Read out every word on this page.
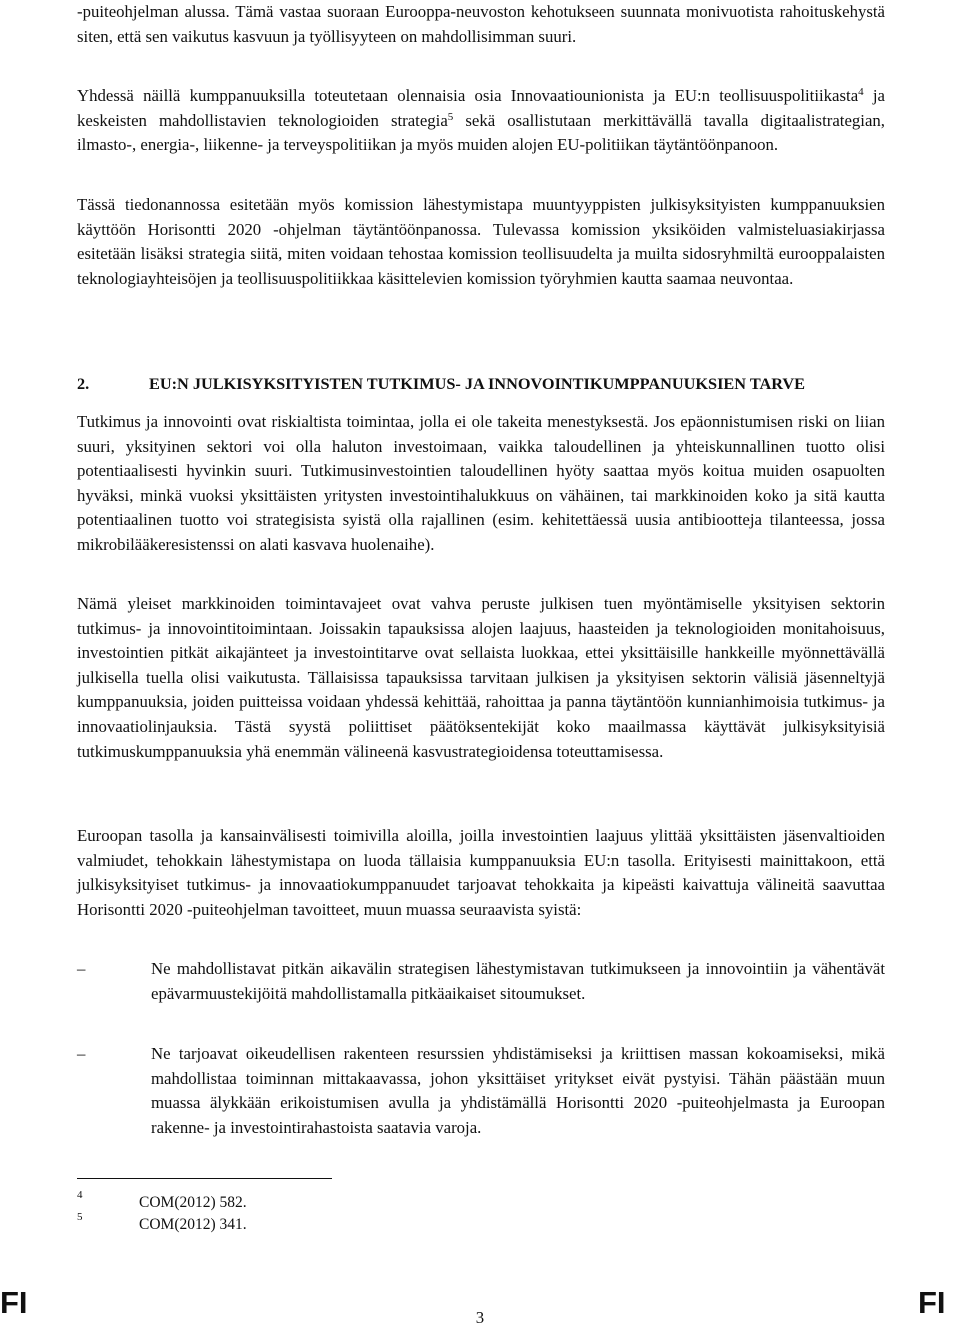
-puiteohjelman alussa. Tämä vastaa suoraan Eurooppa-neuvoston kehotukseen suunnata monivuotista rahoituskehystä siten, että sen vaikutus kasvuun ja työllisyyteen on mahdollisimman suuri.

Yhdessä näillä kumppanuuksilla toteutetaan olennaisia osia Innovaatiounionista ja EU:n teollisuuspolitiikasta$^4$ ja keskeisten mahdollistavien teknologioiden strategia$^5$ sekä osallistutaan merkittävällä tavalla digitaalistrategian, ilmasto-, energia-, liikenne- ja terveyspolitiikan ja myös muiden alojen EU-politiikan täytäntöönpanoon.

Tässä tiedonannossa esitetään myös komission lähestymistapa muuntyyppisten julkisyksityisten kumppanuuksien käyttöön Horisontti 2020 -ohjelman täytäntöönpanossa. Tulevassa komission yksiköiden valmisteluasiakirjassa esitetään lisäksi strategia siitä, miten voidaan tehostaa komission teollisuudelta ja muilta sidosryhmiltä eurooppalaisten teknologiayhteisöjen ja teollisuuspolitiikkaa käsittelevien komission työryhmien kautta saamaa neuvontaa.

2.	EU:N JULKISYKSITYISTEN TUTKIMUS- JA INNOVOINTIKUMPPANUUKSIEN TARVE

Tutkimus ja innovointi ovat riskialtista toimintaa, jolla ei ole takeita menestyksestä. Jos epäonnistumisen riski on liian suuri, yksityinen sektori voi olla haluton investoimaan, vaikka taloudellinen ja yhteiskunnallinen tuotto olisi potentiaalisesti hyvinkin suuri. Tutkimusinvestointien taloudellinen hyöty saattaa myös koitua muiden osapuolten hyväksi, minkä vuoksi yksittäisten yritysten investointihalukkuus on vähäinen, tai markkinoiden koko ja sitä kautta potentiaalinen tuotto voi strategisista syistä olla rajallinen (esim. kehitettäessä uusia antibiootteja tilanteessa, jossa mikrobilääkeresistenssi on alati kasvava huolenaihe).

Nämä yleiset markkinoiden toimintavajeet ovat vahva peruste julkisen tuen myöntämiselle yksityisen sektorin tutkimus- ja innovointitoimintaan. Joissakin tapauksissa alojen laajuus, haasteiden ja teknologioiden monitahoisuus, investointien pitkät aikajänteet ja investointitarve ovat sellaista luokkaa, ettei yksittäisille hankkeille myönnettävällä julkisella tuella olisi vaikutusta. Tällaisissa tapauksissa tarvitaan julkisen ja yksityisen sektorin välisiä jäsenneltyjä kumppanuuksia, joiden puitteissa voidaan yhdessä kehittää, rahoittaa ja panna täytäntöön kunnianhimoisia tutkimus- ja innovaatiolinjauksia. Tästä syystä poliittiset päätöksentekijät koko maailmassa käyttävät julkisyksityisiä tutkimuskumppanuuksia yhä enemmän välineenä kasvustrategioidensa toteuttamisessa.

Euroopan tasolla ja kansainvälisesti toimivilla aloilla, joilla investointien laajuus ylittää yksittäisten jäsenvaltioiden valmiudet, tehokkain lähestymistapa on luoda tällaisia kumppanuuksia EU:n tasolla. Erityisesti mainittakoon, että julkisyksityiset tutkimus- ja innovaatiokumppanuudet tarjoavat tehokkaita ja kipeästi kaivattuja välineitä saavuttaa Horisontti 2020 -puiteohjelman tavoitteet, muun muassa seuraavista syistä:

–	Ne mahdollistavat pitkän aikavälin strategisen lähestymistavan tutkimukseen ja innovointiin ja vähentävät epävarmuustekijöitä mahdollistamalla pitkäaikaiset sitoumukset.
–	Ne tarjoavat oikeudellisen rakenteen resurssien yhdistämiseksi ja kriittisen massan kokoamiseksi, mikä mahdollistaa toiminnan mittakaavassa, johon yksittäiset yritykset eivät pystyisi. Tähän päästään muun muassa älykkään erikoistumisen avulla ja yhdistämällä Horisontti 2020 -puiteohjelmasta ja Euroopan rakenne- ja investointirahastoista saatavia varoja.
4	COM(2012) 582.
5	COM(2012) 341.
FI	3	FI
